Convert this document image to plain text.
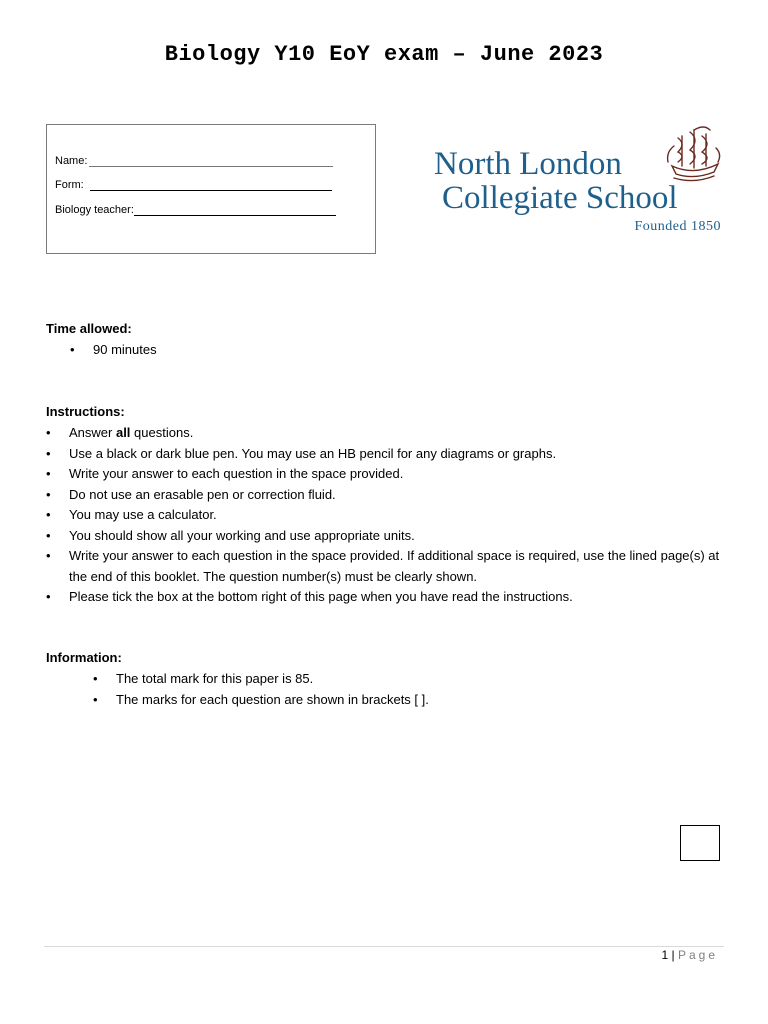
Biology Y10 EoY exam – June 2023
Name:
Form:
Biology teacher:
North London
Collegiate School
Founded 1850
Time allowed:
• 90 minutes
Instructions:
• Answer all questions.
• Use a black or dark blue pen. You may use an HB pencil for any diagrams or graphs.
• Write your answer to each question in the space provided.
• Do not use an erasable pen or correction fluid.
• You may use a calculator.
• You should show all your working and use appropriate units.
• Write your answer to each question in the space provided. If additional space is required, use the lined page(s) at the end of this booklet. The question number(s) must be clearly shown.
• Please tick the box at the bottom right of this page when you have read the instructions.
Information:
• The total mark for this paper is 85.
• The marks for each question are shown in brackets [ ].
1 | Page
